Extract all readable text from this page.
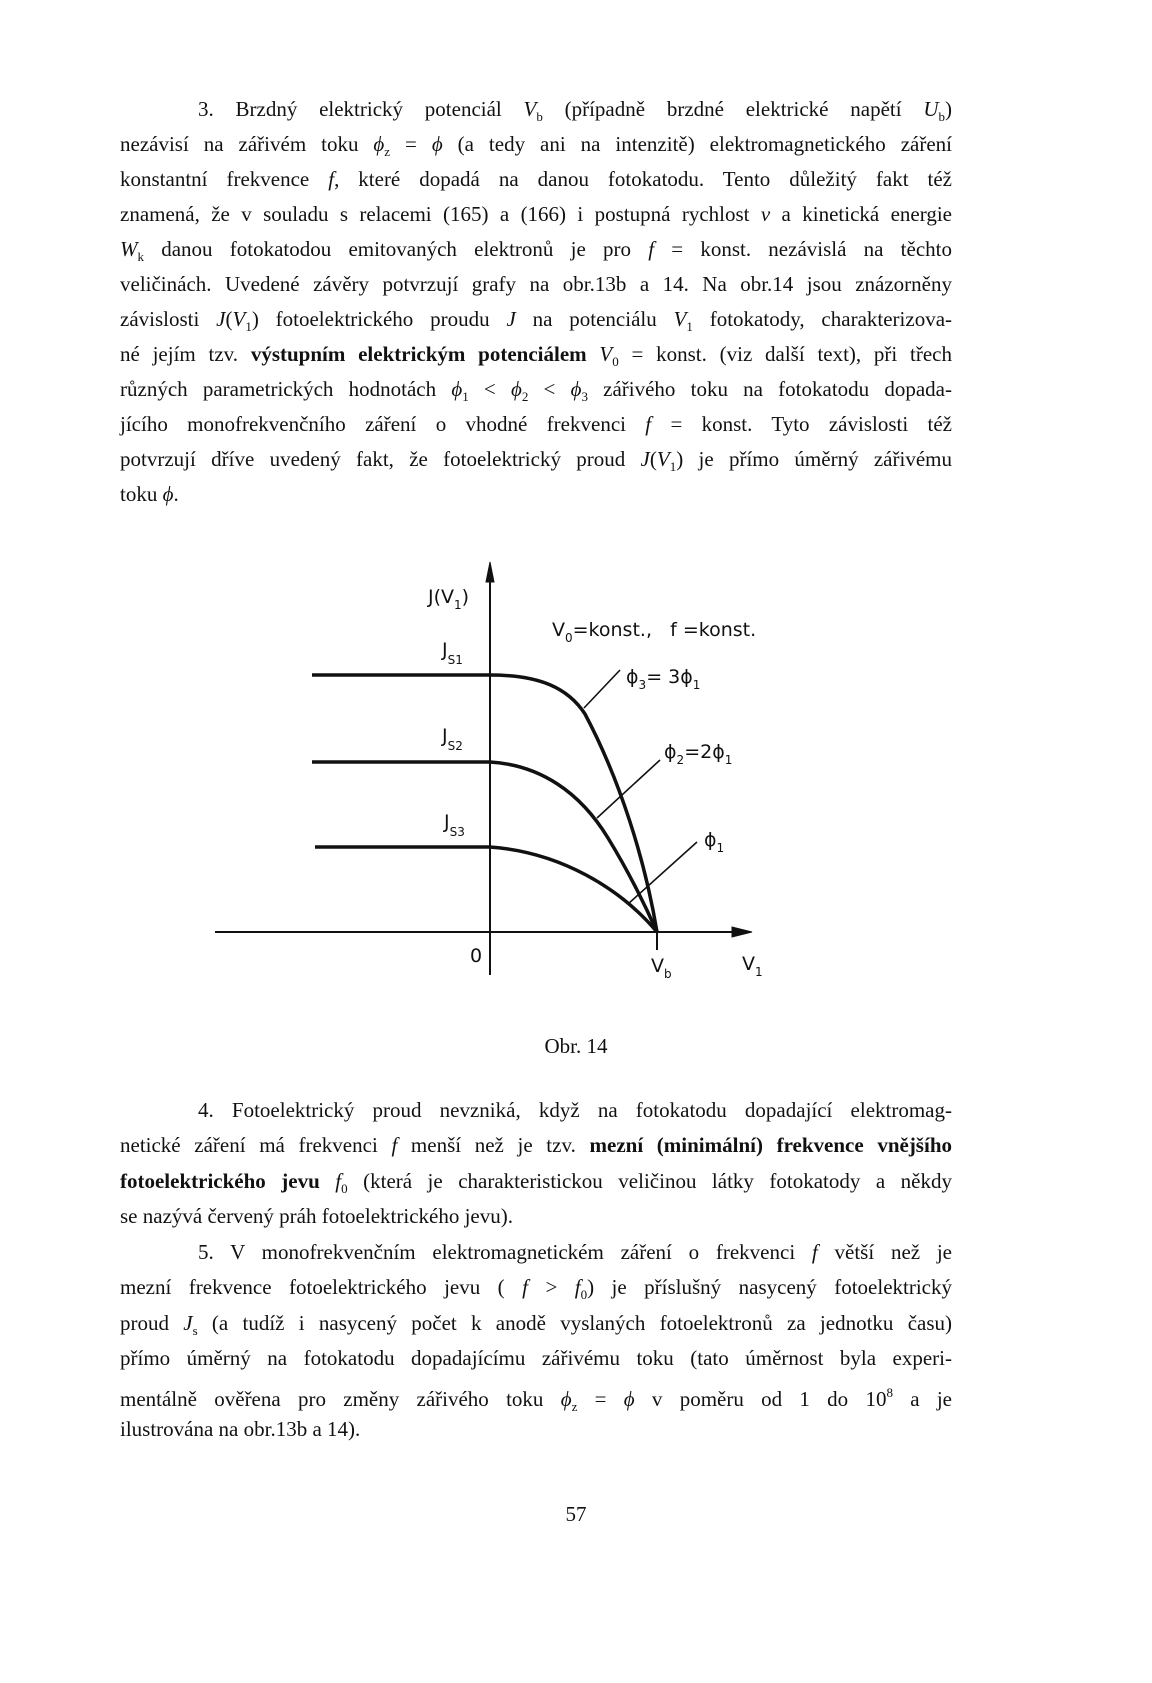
3. Brzdný elektrický potenciál $V_b$ (případně brzdné elektrické napětí $U_b$)
nezávisí na zářivém toku $\phi_z = \phi$ (a tedy ani na intenzitě) elektromagnetického záření
konstantní frekvence f, které dopadá na danou fotokatodu. Tento důležitý fakt též
znamená, že v souladu s relacemi (165) a (166) i postupná rychlost v a kinetická energie
$W_k$ danou fotokatodou emitovaných elektronů je pro f = konst. nezávislá na těchto
veličinách. Uvedené závěry potvrzují grafy na obr.13b a 14. Na obr.14 jsou znázorněny
závislosti $J(V_1)$ fotoelektrického proudu J na potenciálu $V_1$ fotokatody, charakterizova-
né jejím tzv. výstupním elektrickým potenciálem $V_0$ = konst. (viz další text), při třech
různých parametrických hodnotách $\phi_1 < \phi_2 < \phi_3$ zářivého toku na fotokatodu dopada-
jícího monofrekvenčního záření o vhodné frekvenci f = konst. Tyto závislosti též
potvrzují dříve uvedený fakt, že fotoelektrický proud $J(V_1)$ je přímo úměrný zářivému
toku ϕ.
$J(V_1)$
$J_{S1}$
$J_{S2}$
$J_{S3}$
$V_0=konst$.,   f =konst.
$\phi_3= 3\phi_1$
$\phi_2=2\phi_1$
$\phi_1$
0	$V_b$	$V_1$
Obr. 14
4. Fotoelektrický proud nevzniká, když na fotokatodu dopadající elektromag-
netické záření má frekvenci f menší než je tzv. mezní (minimální) frekvence vnějšího
fotoelektrického jevu $f_0$ (která je charakteristickou veličinou látky fotokatody a někdy
se nazývá červený práh fotoelektrického jevu).
5. V monofrekvenčním elektromagnetickém záření o frekvenci f větší než je
mezní frekvence fotoelektrického jevu ( $f > f_0$) je příslušný nasycený fotoelektrický
proud $J_s$ (a tudíž i nasycený počet k anodě vyslaných fotoelektronů za jednotku času)
přímo úměrný na fotokatodu dopadajícímu zářivému toku (tato úměrnost byla experi-
mentálně ověřena pro změny zářivého toku $\phi_z = \phi$ v poměru od 1 do $10^8$ a je
ilustrována na obr.13b a 14).
57
